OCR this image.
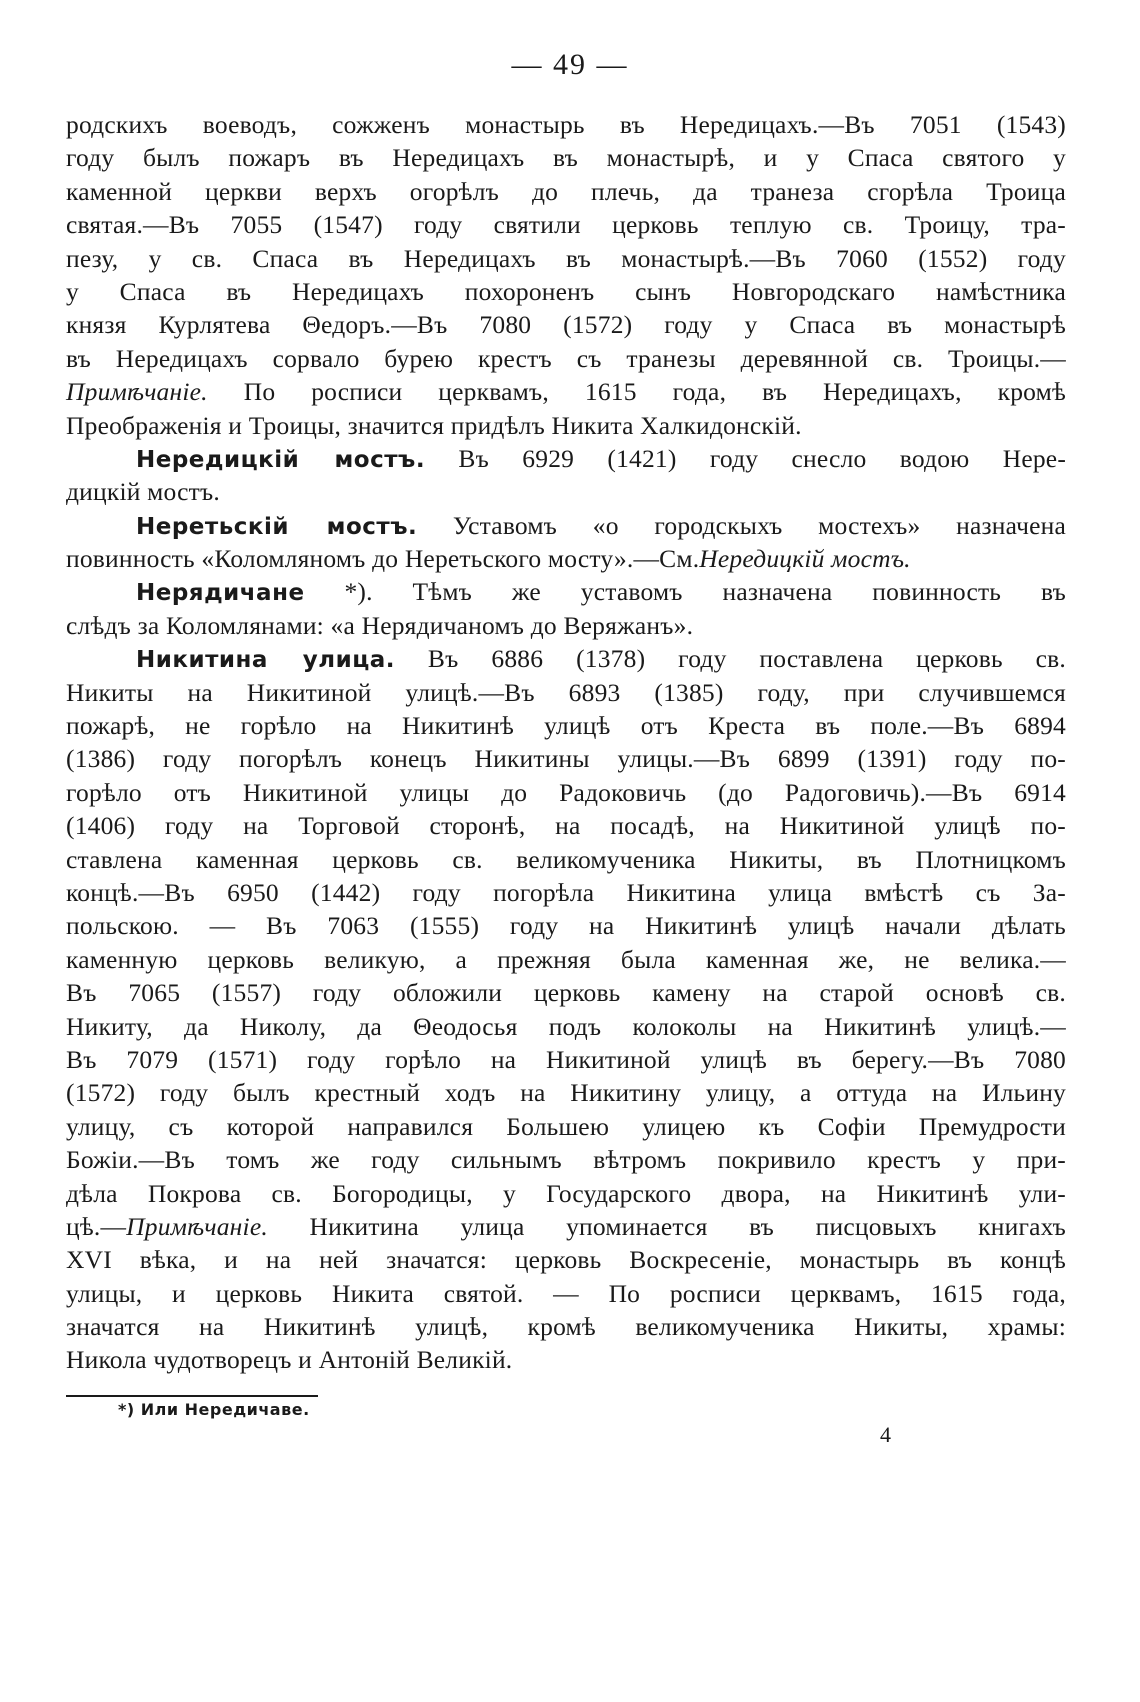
— 49 —
родскихъ воеводъ, сожженъ монастырь въ Нередицахъ.—Въ 7051 (1543)
году былъ пожаръ въ Нередицахъ въ монастырѣ, и у Спаса святого у
каменной церкви верхъ огорѣлъ до плечь, да транеза сгорѣла Троица
святая.—Въ 7055 (1547) году святили церковь теплую св. Троицу, тра-
пезу, у св. Спаса въ Нередицахъ въ монастырѣ.—Въ 7060 (1552) году
у Спаса въ Нередицахъ похороненъ сынъ Новгородскаго намѣстника
князя Курлятева Θедоръ.—Въ 7080 (1572) году у Спаса въ монастырѣ
въ Нередицахъ сорвало бурею крестъ съ транезы деревянной св. Троицы.—
Примѣчаніе. По росписи церквамъ, 1615 года, въ Нередицахъ, кромѣ
Преображенія и Троицы, значится придѣлъ Никита Халкидонскій.
Нередицкій мостъ. Въ 6929 (1421) году снесло водою Нере-
дицкій мостъ.
Неретьскій мостъ. Уставомъ «о городскыхъ мостехъ» назначена
повинность «Коломляномъ до Неретьского мосту».—См.Нередицкій мостъ.
Нерядичане *). Тѣмъ же уставомъ назначена повинность въ
слѣдъ за Коломлянами: «а Нерядичаномъ до Веряжанъ».
Никитина улица. Въ 6886 (1378) году поставлена церковь св.
Никиты на Никитиной улицѣ.—Въ 6893 (1385) году, при случившемся
пожарѣ, не горѣло на Никитинѣ улицѣ отъ Креста въ поле.—Въ 6894
(1386) году погорѣлъ конецъ Никитины улицы.—Въ 6899 (1391) году по-
горѣло отъ Никитиной улицы до Радоковичь (до Радоговичь).—Въ 6914
(1406) году на Торговой сторонѣ, на посадѣ, на Никитиной улицѣ по-
ставлена каменная церковь св. великомученика Никиты, въ Плотницкомъ
концѣ.—Въ 6950 (1442) году погорѣла Никитина улица вмѣстѣ съ За-
польскою. — Въ 7063 (1555) году на Никитинѣ улицѣ начали дѣлать
каменную церковь великую, а прежняя была каменная же, не велика.—
Въ 7065 (1557) году обложили церковь камену на старой основѣ св.
Никиту, да Николу, да Θеодосья подъ колоколы на Никитинѣ улицѣ.—
Въ 7079 (1571) году горѣло на Никитиной улицѣ въ берегу.—Въ 7080
(1572) году былъ крестный ходъ на Никитину улицу, а оттуда на Ильину
улицу, съ которой направился Большею улицею къ Софіи Премудрости
Божіи.—Въ томъ же году сильнымъ вѣтромъ покривило крестъ у при-
дѣла Покрова св. Богородицы, у Государского двора, на Никитинѣ ули-
цѣ.—Примѣчаніе. Никитина улица упоминается въ писцовыхъ книгахъ
XVI вѣка, и на ней значатся: церковь Воскресеніе, монастырь въ концѣ
улицы, и церковь Никита святой. — По росписи церквамъ, 1615 года,
значатся на Никитинѣ улицѣ, кромѣ великомученика Никиты, храмы:
Никола чудотворецъ и Антоній Великій.
*) Или Нередичаве.
4
